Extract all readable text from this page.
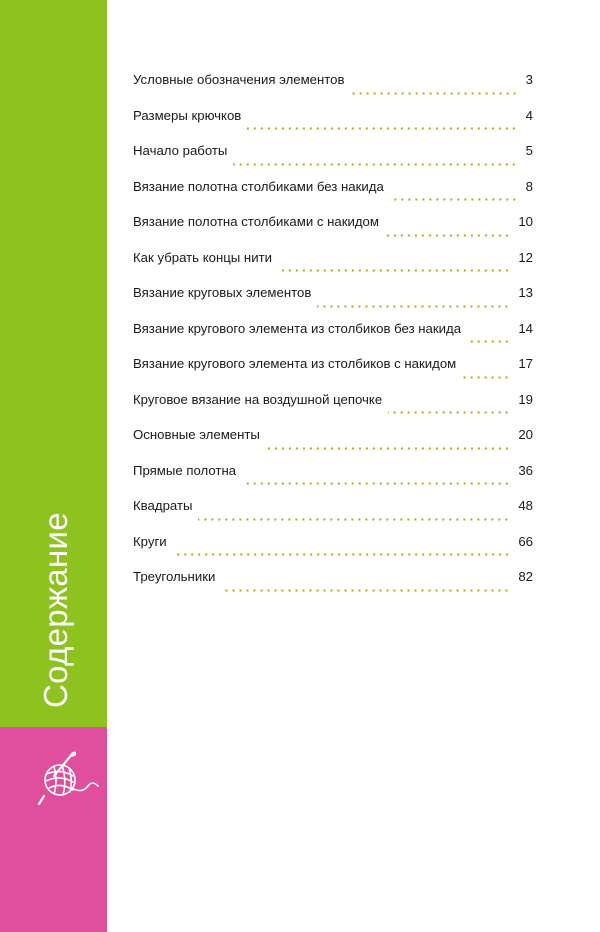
Содержание
Условные обозначения элементов	3
Размеры крючков	4
Начало работы	5
Вязание полотна столбиками без накида	8
Вязание полотна столбиками с накидом	10
Как убрать концы нити	12
Вязание круговых элементов	13
Вязание кругового элемента из столбиков без накида	14
Вязание кругового элемента из столбиков с накидом	17
Круговое вязание на воздушной цепочке	19
Основные элементы	20
Прямые полотна	36
Квадраты	48
Круги	66
Треугольники	82
